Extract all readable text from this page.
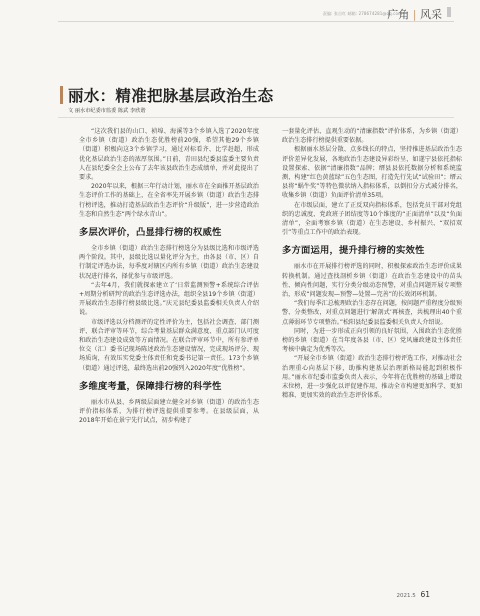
责编: 张自红 邮箱: 278674281@qq.com
广角 | 风采
丽水：精准把脉基层政治生态
文 丽水市纪委市监委 陈武 李欣谐

“这次我们县的山口、祯埠、海溪等3个乡镇入选了2020年度全市乡镇（街道）政治生态优胜榜前20强，希望其他29个乡镇（街道）积极向这3个乡镇学习，通过对标看齐、比学赶超，形成优化基层政治生态的浓厚氛围。”日前，青田县纪委县监委主要负责人在县纪委全会上公布了去年该县政治生态成绩单，并对此提出了要求。

2020年以来，根据三年行动计划，丽水市在全面推开基层政治生态评价工作的基础上，在全省率先开展乡镇（街道）政治生态排行榜评选，推动打造基层政治生态评价“升级版”，进一步营造政治生态和自然生态“两个绿水青山”。

多层次评价，凸显排行榜的权威性

全市乡镇（街道）政治生态排行榜选分为县级比选和市级评选两个阶段。其中，县级比选以量化评分为主，由各县（市、区）自行制定评选办法，每季度对辖区内所有乡镇（街道）政治生态建设状况进行排名，择优参与市级评选。

“去年4月，我们就探索建立了‘日常监测预警+系统综合评估+周期分析研判’的政治生态评选办法，组织全县19个乡镇（街道）开展政治生态排行榜县级比选。”庆元县纪委县监委相关负责人介绍说。

市级评选以分档测评的定性评价为主，包括社会调查、部门测评、联合评审等环节，综合考量基层群众满意度、重点部门认可度和政治生态建设成效等方面情况。在联合评审环节中，所有参评单位交（汇）委书记现场陈述政治生态建设情况，完成现场评分、现场质询，有效压实党委主体责任和党委书记第一责任。173个乡镇（街道）通过评选，最终选出前20强列入2020年度“优胜榜”。

多维度考量，保障排行榜的科学性

丽水市从县、乡两级层面建立健全对乡镇（街道）的政治生态评价指标体系，为排行榜评选提供重要参考。在县级层面，从2018年开始在景宁先行试点，初步构建了

一套量化评估、直观生动的“清廉指数”评价体系，为乡镇（街道）政治生态排行榜提供重要依据。

根据丽水基层分散、点多线长的特点，坚持推进基层政治生态评价差异化发展，各地政治生态建设异彩纷呈，如遂宁县依托指标设置探索、依据“清廉指数”品牌；缙县县依托数据分析和系统监测，构建“红色黄蓝绿”五色生态图，打造先行先试“试验田”；缙云县将“蜗牛奖”等特色微状纳入指标体系，以倒扣分方式减分排名，收集乡镇（街道）负面评价清单35项。

在市级层面，建立了正反双向指标体系，包括党员干部对党组织的忠诚度、党政班子团结度等10个维度的“正面清单”以及“负面清单”，全面考察乡镇（街道）在生态建设、乡村振兴、“双招双引”等重点工作中的政治表现。

多方面运用，提升排行榜的实效性

丽水市在开展排行榜评选的同时，积极探索政治生态评价成果转换机制。通过查找剖析乡镇（街道）在政治生态建设中的苗头性、倾向性问题，实行分类分级动态预警，对重点问题开展专项整治，形成“问题发现—预警—处置—完善”的长效闭环机制。

“我们每季汇总梳理政治生态存在问题，按问题严重程度分级预警、分类整改，对重点问题进行‘解剖式’再核查，共梳理出40个重点薄弱环节专项整治。”松阳县纪委县监委相关负责人介绍说。

同时，为进一步形成正向引领的良好氛围，入围政治生态优胜榜的乡镇（街道）在当年度各县（市、区）党风廉政建设主体责任考核中确定为优秀等次。

“开展全市乡镇（街道）政治生态排行榜评选工作，对推动社会治理重心向基层下移，助推构建基层治理新格局能起到积极作用。”丽水市纪委市监委负责人表示，今年将在优胜榜的基础上增设末位榜，进一步强化以评促建作用，推动全市构建更加科学、更加精准、更加实效的政治生态评价体系。

2021.5 61
